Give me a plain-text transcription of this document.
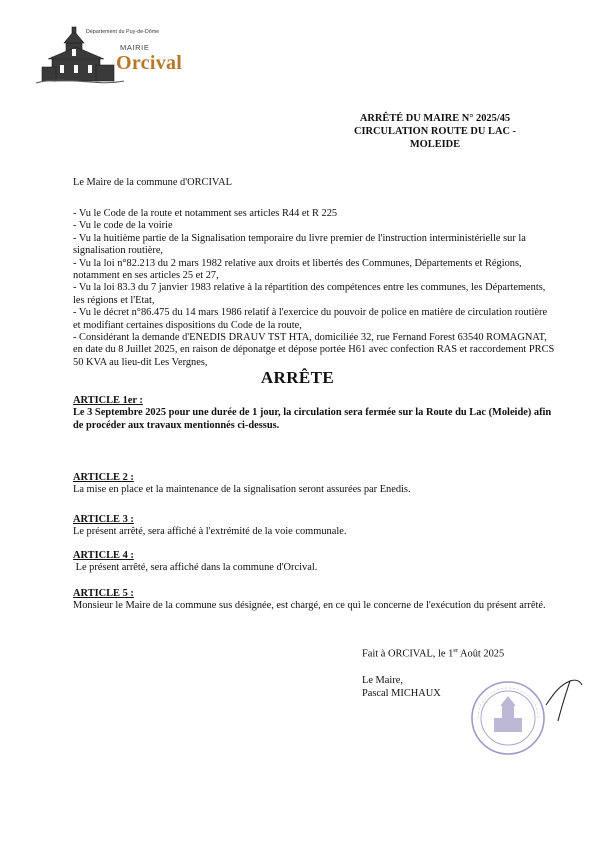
Département du Puy-de-Dôme
MAIRIE
Orcival
ARRÊTÉ DU MAIRE N° 2025/45
CIRCULATION ROUTE DU LAC -
MOLEIDE
Le Maire de la commune d'ORCIVAL

- Vu le Code de la route et notamment ses articles R44 et R 225

- Vu le code de la voirie

- Vu la huitième partie de la Signalisation temporaire du livre premier de l'instruction interministérielle sur la signalisation routière,

- Vu la loi n°82.213 du 2 mars 1982 relative aux droits et libertés des Communes, Départements et Régions, notamment en ses articles 25 et 27,

- Vu la loi 83.3 du 7 janvier 1983 relative à la répartition des compétences entre les communes, les Départements, les régions et l'Etat,

- Vu le décret n°86.475 du 14 mars 1986 relatif à l'exercice du pouvoir de police en matière de circulation routière et modifiant certaines dispositions du Code de la route,

- Considérant la demande d'ENEDIS DRAUV TST HTA, domiciliée 32, rue Fernand Forest 63540 ROMAGNAT, en date du 8 Juillet 2025, en raison de déponatge et dépose portée H61 avec confection RAS et raccordement PRCS 50 KVA au lieu-dit Les Vergnes,

ARRÊTE
ARTICLE 1er :
Le 3 Septembre 2025 pour une durée de 1 jour, la circulation sera fermée sur la Route du Lac (Moleide) afin de procéder aux travaux mentionnés ci-dessus.
ARTICLE 2 :
La mise en place et la maintenance de la signalisation seront assurées par Enedis.
ARTICLE 3 :
Le présent arrêté, sera affiché à l'extrémité de la voie communale.
ARTICLE 4 :
Le présent arrêté, sera affiché dans la commune d'Orcival.
ARTICLE 5 :
Monsieur le Maire de la commune sus désignée, est chargé, en ce qui le concerne de l'exécution du présent arrêté.
Fait à ORCIVAL, le 1er Août 2025
Le Maire,
Pascal MICHAUX
